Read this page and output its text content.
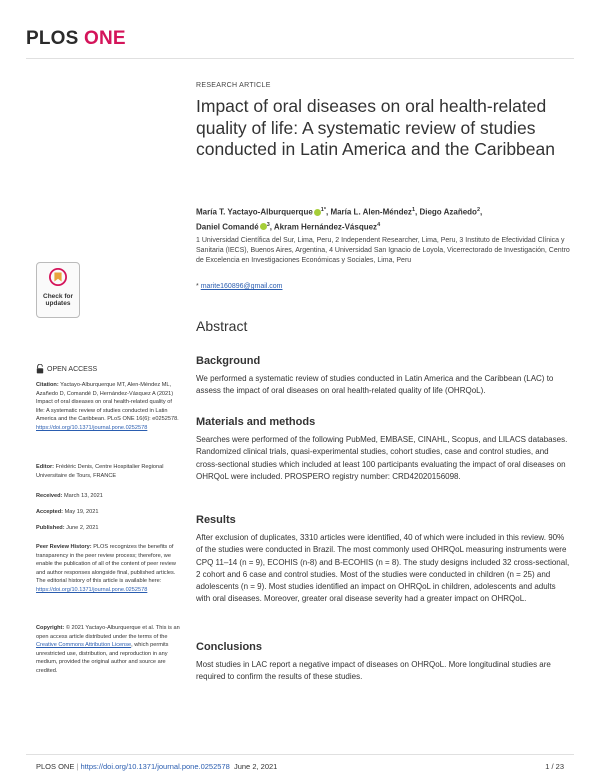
PLOS ONE
RESEARCH ARTICLE
Impact of oral diseases on oral health-related quality of life: A systematic review of studies conducted in Latin America and the Caribbean
María T. Yactayo-Alburquerque $^{1*}$, María L. Alen-Méndez$^1$, Diego Azañedo$^2$,
Daniel Comandé $^3$, Akram Hernández-Vásquez$^4$
1 Universidad Científica del Sur, Lima, Peru, 2 Independent Researcher, Lima, Peru, 3 Instituto de Efectividad Clínica y Sanitaria (IECS), Buenos Aires, Argentina, 4 Universidad San Ignacio de Loyola, Vicerrectorado de Investigación, Centro de Excelencia en Investigaciones Económicas y Sociales, Lima, Peru
* marite160896@gmail.com
Abstract
Background

We performed a systematic review of studies conducted in Latin America and the Caribbean (LAC) to assess the impact of oral diseases on oral health-related quality of life (OHRQoL).

Materials and methods

Searches were performed of the following PubMed, EMBASE, CINAHL, Scopus, and LILACS databases. Randomized clinical trials, quasi-experimental studies, cohort studies, case and control studies, and cross-sectional studies which included at least 100 participants evaluating the impact of oral diseases on OHRQoL were included. PROSPERO registry number: CRD42020156098.

Results

After exclusion of duplicates, 3310 articles were identified, 40 of which were included in this review. 90% of the studies were conducted in Brazil. The most commonly used OHRQoL measuring instruments were CPQ 11–14 (n = 9), ECOHIS (n-8) and B-ECOHIS (n = 8). The study designs included 32 cross-sectional, 2 cohort and 6 case and control studies. Most of the studies were conducted in children (n = 25) and adolescents (n = 9). Most studies identified an impact on OHRQoL in children, adolescents and adults with oral diseases. Moreover, greater oral disease severity had a greater impact on OHRQoL.

Conclusions

Most studies in LAC report a negative impact of diseases on OHRQoL. More longitudinal studies are required to confirm the results of these studies.

Check for
updates
OPEN ACCESS

Citation: Yactayo-Alburquerque MT, Alen-Méndez ML, Azañedo D, Comandé D, Hernández-Vásquez A (2021) Impact of oral diseases on oral health-related quality of life: A systematic review of studies conducted in Latin America and the Caribbean. PLoS ONE 16(6): e0252578. https://doi.org/10.1371/journal.pone.0252578

Editor: Frédéric Denis, Centre Hospitalier Regional Universitaire de Tours, FRANCE

Received: March 13, 2021

Accepted: May 19, 2021

Published: June 2, 2021

Peer Review History: PLOS recognizes the benefits of transparency in the peer review process; therefore, we enable the publication of all of the content of peer review and author responses alongside final, published articles. The editorial history of this article is available here: https://doi.org/10.1371/journal.pone.0252578

Copyright: © 2021 Yactayo-Alburquerque et al. This is an open access article distributed under the terms of the Creative Commons Attribution License, which permits unrestricted use, distribution, and reproduction in any medium, provided the original author and source are credited.

PLOS ONE | https://doi.org/10.1371/journal.pone.0252578 June 2, 2021	1 / 23
